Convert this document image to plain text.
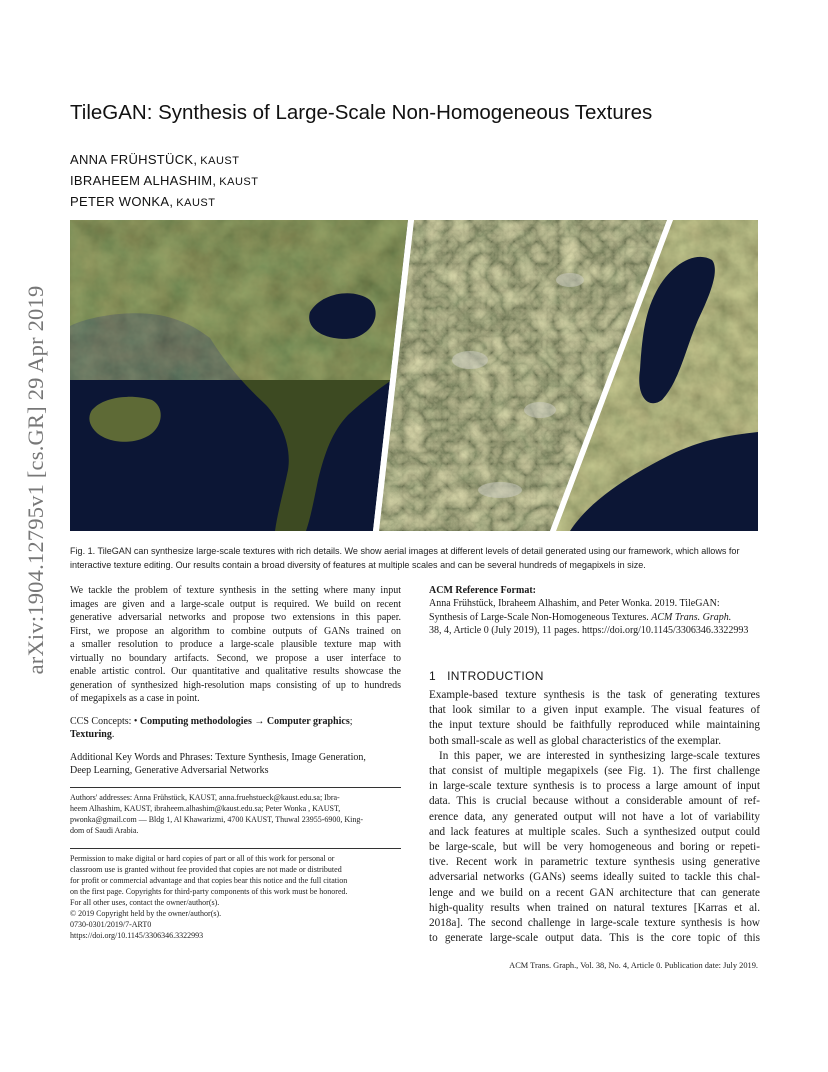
arXiv:1904.12795v1 [cs.GR] 29 Apr 2019
TileGAN: Synthesis of Large-Scale Non-Homogeneous Textures
ANNA FRÜHSTÜCK, KAUST
IBRAHEEM ALHASHIM, KAUST
PETER WONKA, KAUST
Fig. 1. TileGAN can synthesize large-scale textures with rich details. We show aerial images at different levels of detail generated using our framework, which allows for interactive texture editing. Our results contain a broad diversity of features at multiple scales and can be several hundreds of megapixels in size.

We tackle the problem of texture synthesis in the setting where many input
images are given and a large-scale output is required. We build on recent
generative adversarial networks and propose two extensions in this paper.
First, we propose an algorithm to combine outputs of GANs trained on
a smaller resolution to produce a large-scale plausible texture map with
virtually no boundary artifacts. Second, we propose a user interface to
enable artistic control. Our quantitative and qualitative results showcase the
generation of synthesized high-resolution maps consisting of up to hundreds
of megapixels as a case in point.

CCS Concepts: • Computing methodologies → Computer graphics;
Texturing.
Additional Key Words and Phrases: Texture Synthesis, Image Generation,
Deep Learning, Generative Adversarial Networks
Authors' addresses: Anna Frühstück, KAUST, anna.fruehstueck@kaust.edu.sa; Ibra-
heem Alhashim, KAUST, ibraheem.alhashim@kaust.edu.sa; Peter Wonka , KAUST,
pwonka@gmail.com — Bldg 1, Al Khawarizmi, 4700 KAUST, Thuwal 23955-6900, King-
dom of Saudi Arabia.
Permission to make digital or hard copies of part or all of this work for personal or
classroom use is granted without fee provided that copies are not made or distributed
for profit or commercial advantage and that copies bear this notice and the full citation
on the first page. Copyrights for third-party components of this work must be honored.
For all other uses, contact the owner/author(s).
© 2019 Copyright held by the owner/author(s).
0730-0301/2019/7-ART0
https://doi.org/10.1145/3306346.3322993
ACM Reference Format:
Anna Frühstück, Ibraheem Alhashim, and Peter Wonka. 2019. TileGAN:
Synthesis of Large-Scale Non-Homogeneous Textures. ACM Trans. Graph.
38, 4, Article 0 (July 2019), 11 pages. https://doi.org/10.1145/3306346.3322993
1 INTRODUCTION
Example-based texture synthesis is the task of generating textures
that look similar to a given input example. The visual features of
the input texture should be faithfully reproduced while maintaining
both small-scale as well as global characteristics of the exemplar.
In this paper, we are interested in synthesizing large-scale textures
that consist of multiple megapixels (see Fig. 1). The first challenge
in large-scale texture synthesis is to process a large amount of input
data. This is crucial because without a considerable amount of ref-
erence data, any generated output will not have a lot of variability
and lack features at multiple scales. Such a synthesized output could
be large-scale, but will be very homogeneous and boring or repeti-
tive. Recent work in parametric texture synthesis using generative
adversarial networks (GANs) seems ideally suited to tackle this chal-
lenge and we build on a recent GAN architecture that can generate
high-quality results when trained on natural textures [Karras et al.
2018a]. The second challenge in large-scale texture synthesis is how
to generate large-scale output data. This is the core topic of this
ACM Trans. Graph., Vol. 38, No. 4, Article 0. Publication date: July 2019.
